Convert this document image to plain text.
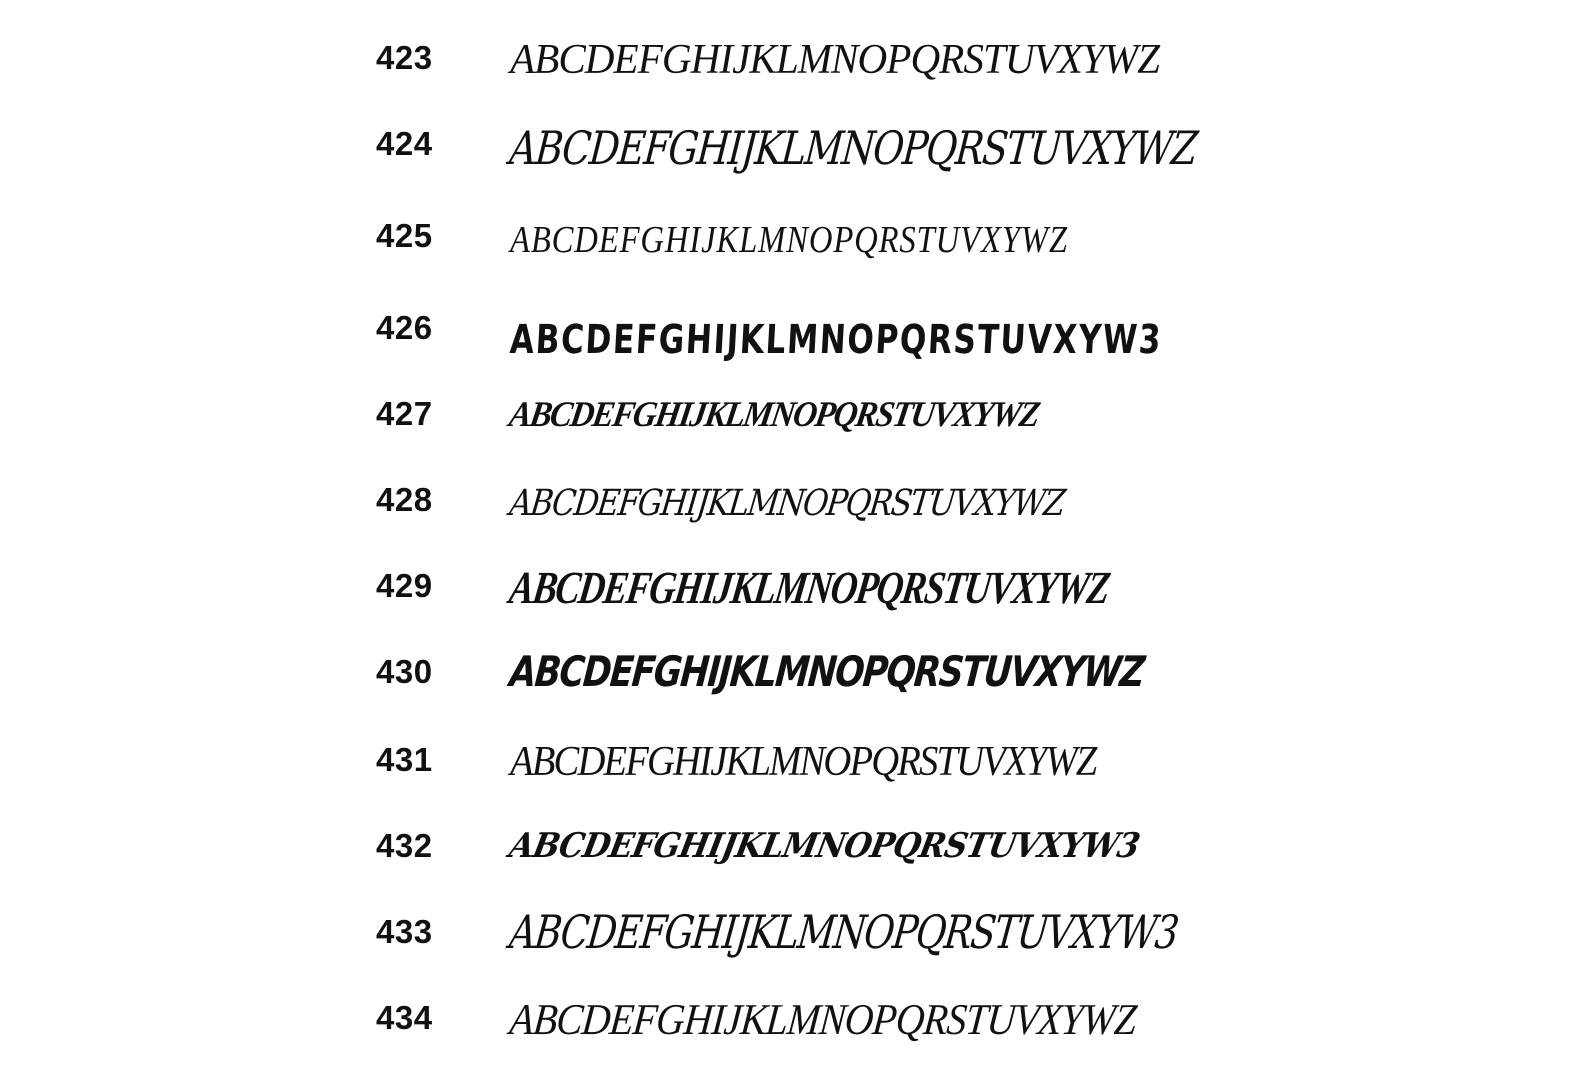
423 ABCDEFGHIJKLMNOPQRSTUVXYWZ
424 ABCDEFGHIJKLMNOPQRSTUVXYWZ
425 ABCDEFGHIJKLMNOPQRSTUVXYWZ
426 ABCDEFGHIJKLMNOPQRSTUVXYW3
427 ABCDEFGHIJKLMNOPQRSTUVXYWZ
428 ABCDEFGHIJKLMNOPQRSTUVXYWZ
429 ABCDEFGHIJKLMNOPQRSTUVXYWZ
430 ABCDEFGHIJKLMNOPQRSTUVXYWZ
431 ABCDEFGHIJKLMNOPQRSTUVXYWZ
432 ABCDEFGHIJKLMNOPQRSTUVXYW3
433 ABCDEFGHIJKLMNOPQRSTUVXYW3
434 ABCDEFGHIJKLMNOPQRSTUVXYWZ
